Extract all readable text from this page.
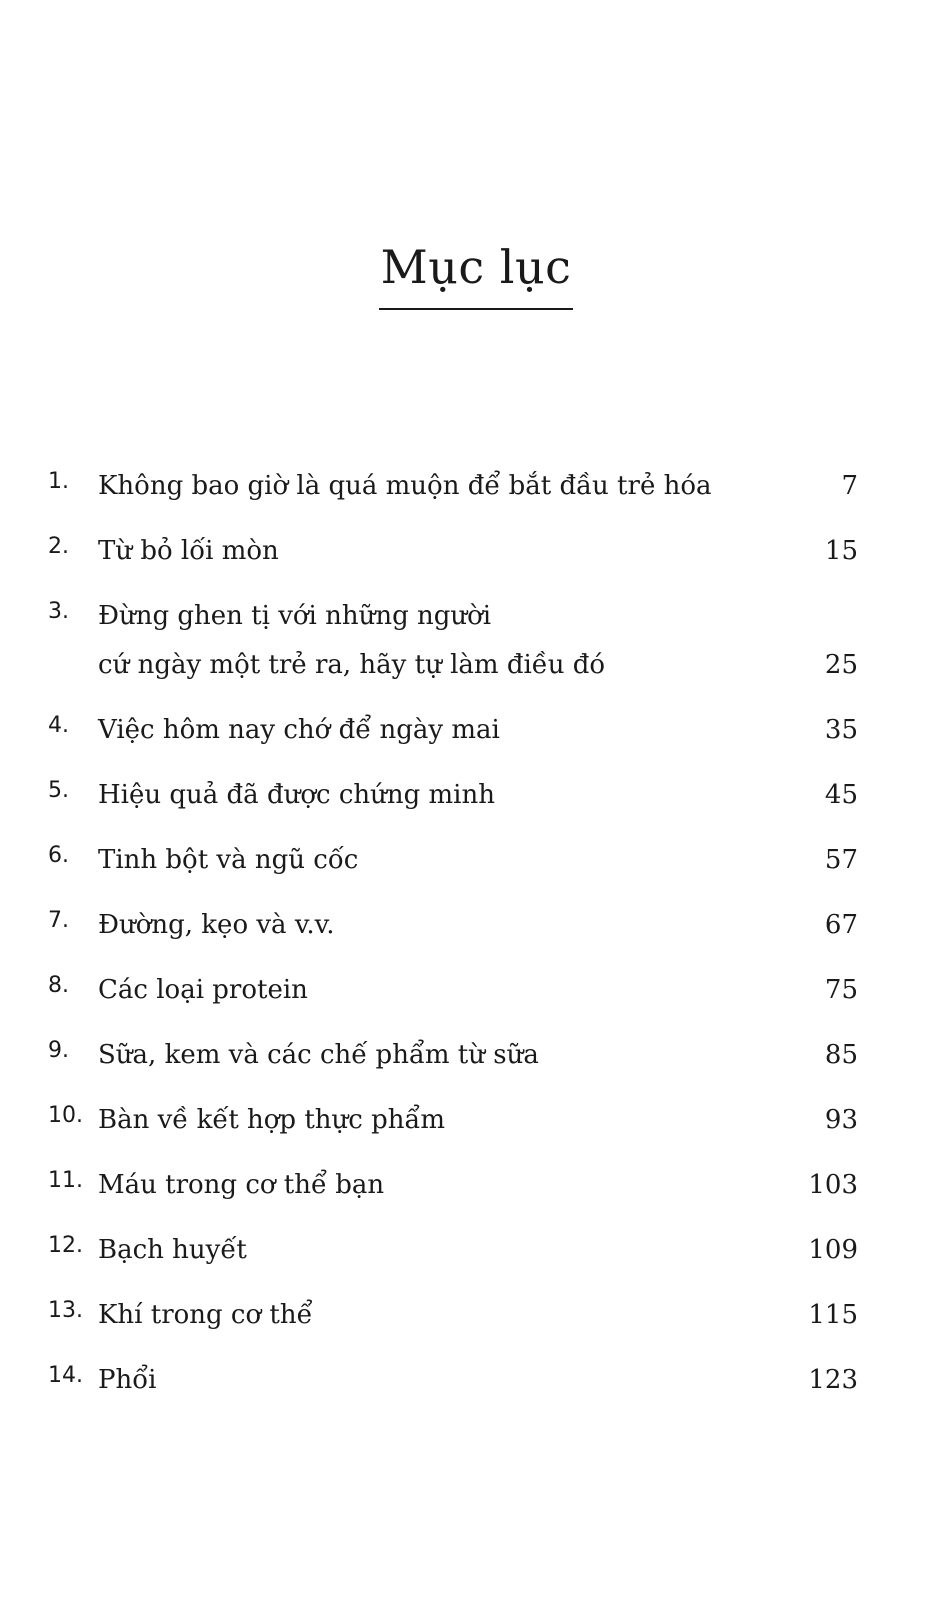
Mục lục
1. Không bao giờ là quá muộn để bắt đầu trẻ hóa	7
2. Từ bỏ lối mòn	15
3. Đừng ghen tị với những người
cứ ngày một trẻ ra, hãy tự làm điều đó	25
4. Việc hôm nay chớ để ngày mai	35
5. Hiệu quả đã được chứng minh	45
6. Tinh bột và ngũ cốc	57
7. Đường, kẹo và v.v.	67
8. Các loại protein	75
9. Sữa, kem và các chế phẩm từ sữa	85
10. Bàn về kết hợp thực phẩm	93
11. Máu trong cơ thể bạn	103
12. Bạch huyết	109
13. Khí trong cơ thể	115
14. Phổi	123
